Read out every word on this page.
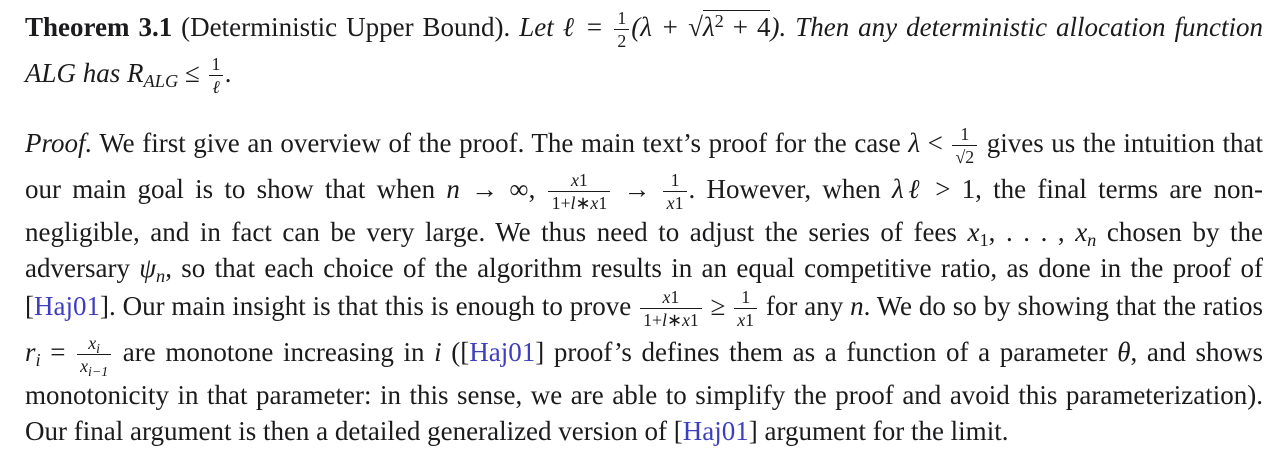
Theorem 3.1 (Deterministic Upper Bound). Let ℓ = $\frac{1}{2} (\lambda + √\lambda^2 + 4)$. Then any deterministic allocation function ALG has RALG ≤ $\frac{1}{\text{ℓ}}$ .

Proof. We first give an overview of the proof. The main text’s proof for the case $\lambda < \frac{1}{√2}$ gives us the intuition that our main goal is to show that when n → ∞, $\frac{x1}{1+l∗x1} \to \frac{1}{x1}$ . However, when λℓ > 1, the final terms are non-negligible, and in fact can be very large. We thus need to adjust the series of fees x1, . . . , xn chosen by the adversary ψn, so that each choice of the algorithm results in an equal competitive ratio, as done in the proof of [Haj01]. Our main insight is that this is enough to prove $\frac{x1}{1+l∗x1} \ge \frac{1}{x1}$ for any n. We do so by showing that the ratios ri = $\frac{x_i}{x_{i-1}}$ are monotone increasing in i ([Haj01] proof’s defines them as a function of a parameter θ, and shows monotonicity in that parameter: in this sense, we are able to simplify the proof and avoid this parameterization). Our final argument is then a detailed generalized version of [Haj01] argument for the limit.
